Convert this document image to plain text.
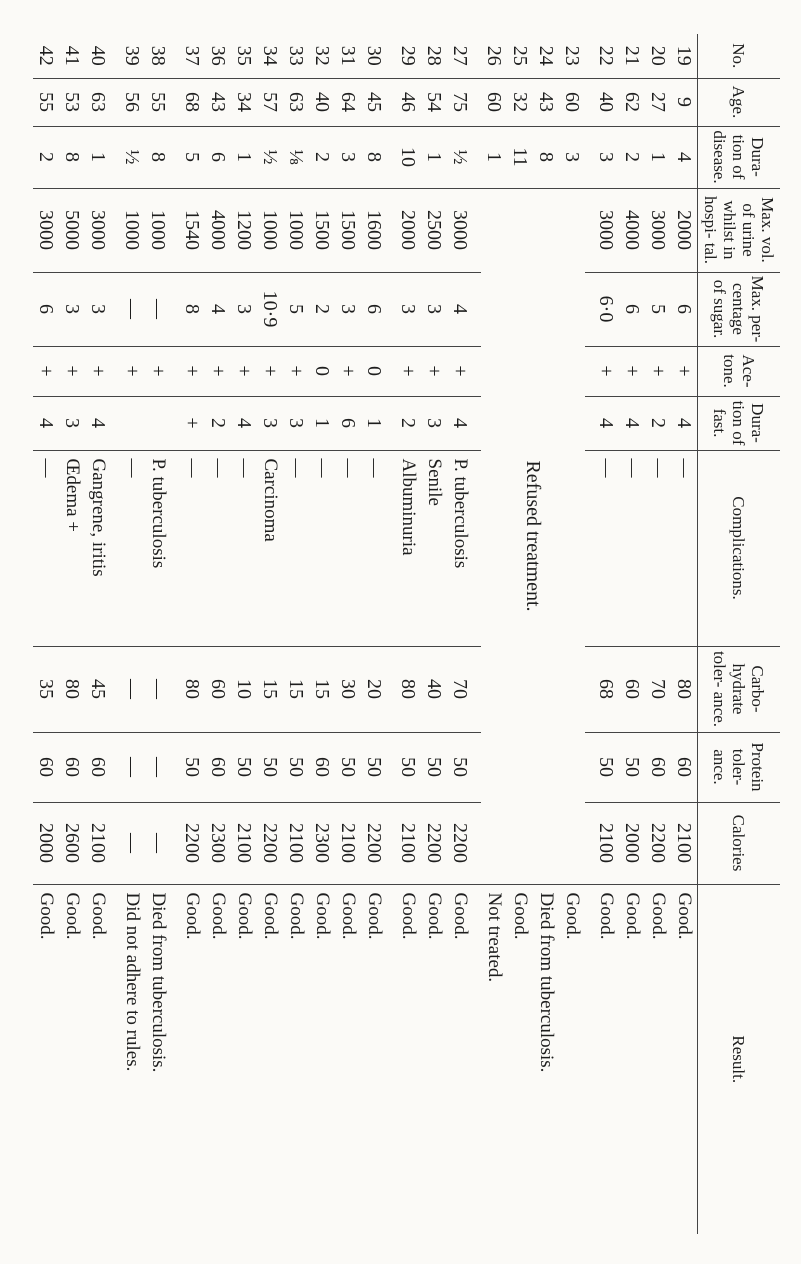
No.	Age.	Dura- tion of disease.	Max. vol. of urine whilst in hospi- tal.	Max. per- centage of sugar.	Ace- tone.	Dura- tion of fast.	Complications.	Carbo- hydrate toler- ance.	Protein toler- ance.	Calories	Result.
19	9	4	2000	6	+	4	—	80	60	2100	Good.
20	27	1	3000	5	+	2	—	70	60	2200	Good.
21	62	2	4000	6	+	4	—	60	50	2000	Good.
22	40	3	3000	6·0	+	4	—	68	50	2100	Good.

23	60	3	Refused treatment.								Good.
24	43	8									Died from tuberculosis.
25	32	11									Good.
26	60	1									Not treated.

27	75	½	3000	4	+	4	P. tuberculosis	70	50	2200	Good.
28	54	1	2500	3	+	3	Senile	40	50	2200	Good.
29	46	10	2000	3	+	2	Albuminuria	80	50	2100	Good.

30	45	8	1600	6	0	1	—	20	50	2200	Good.
31	64	3	1500	3	+	6	—	30	50	2100	Good.
32	40	2	1500	2	0	1	—	15	60	2300	Good.
33	63	⅛	1000	5	+	3	—	15	50	2100	Good.
34	57	½	1000	10·9	+	3	Carcinoma	15	50	2200	Good.
35	34	1	1200	3	+	4	—	10	50	2100	Good.
36	43	6	4000	4	+	2	—	60	60	2300	Good.
37	68	5	1540	8	+	+	—	80	50	2200	Good.

38	55	8	1000	—	+		P. tuberculosis	—	—	—	Died from tuberculosis.
39	56	½	1000	—	+		—	—	—	—	Did not adhere to rules.

40	63	1	3000	3	+	4	Gangrene, iritis	45	60	2100	Good.
41	53	8	5000	3	+	3	Œdema +	80	60	2600	Good.
42	55	2	3000	6	+	4	—	35	60	2000	Good.
